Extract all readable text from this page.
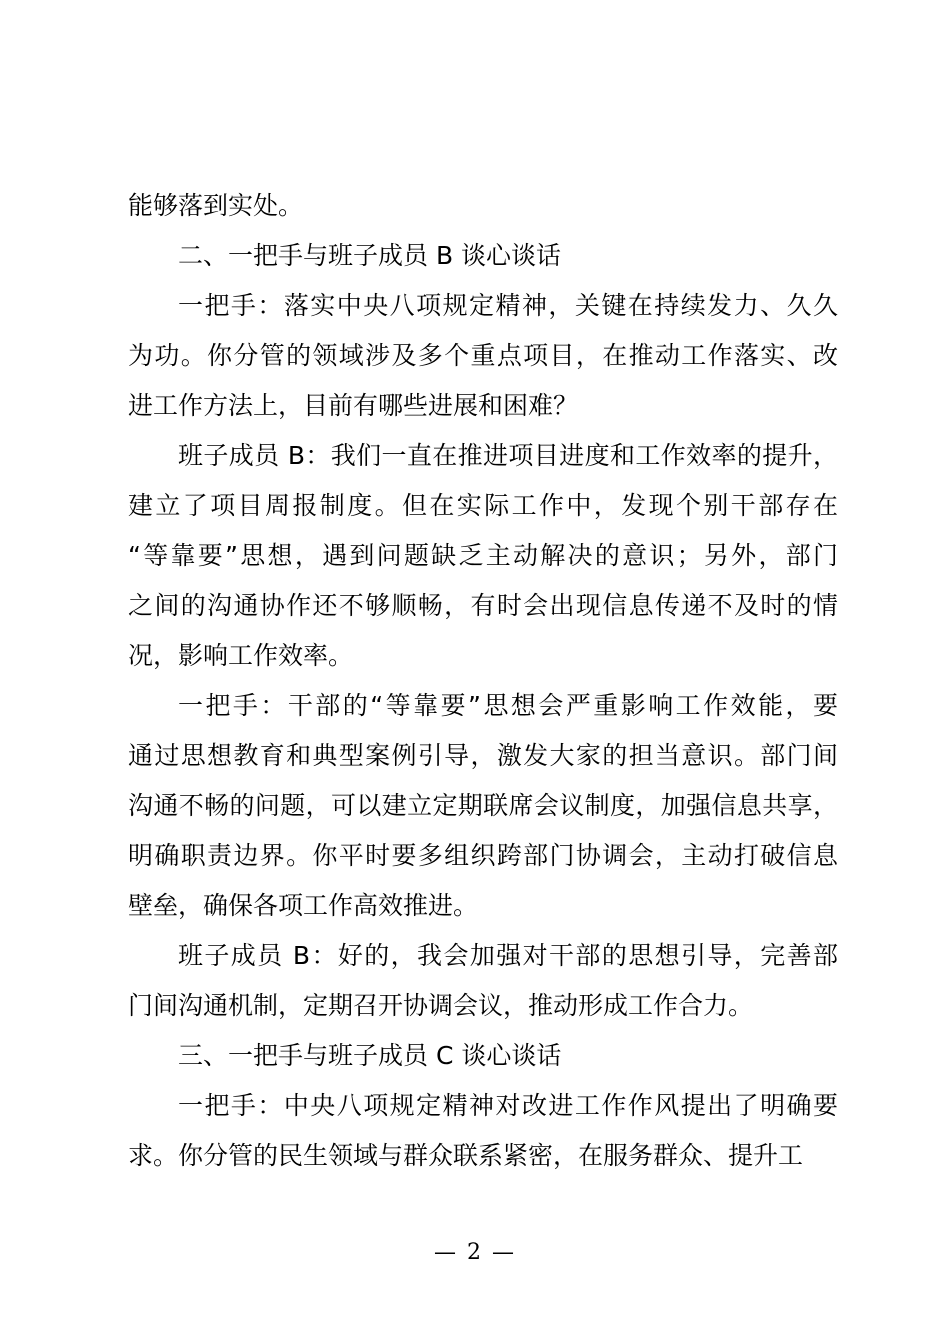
能够落到实处。
二、一把手与班子成员 B 谈心谈话
一把手：落实中央八项规定精神，关键在持续发力、久久
为功。你分管的领域涉及多个重点项目，在推动工作落实、改
进工作方法上，目前有哪些进展和困难？
班子成员 B：我们一直在推进项目进度和工作效率的提升，
建立了项目周报制度。但在实际工作中，发现个别干部存在
“等靠要”思想，遇到问题缺乏主动解决的意识；另外，部门
之间的沟通协作还不够顺畅，有时会出现信息传递不及时的情
况，影响工作效率。
一把手：干部的“等靠要”思想会严重影响工作效能，要
通过思想教育和典型案例引导，激发大家的担当意识。部门间
沟通不畅的问题，可以建立定期联席会议制度，加强信息共享，
明确职责边界。你平时要多组织跨部门协调会，主动打破信息
壁垒，确保各项工作高效推进。
班子成员 B：好的，我会加强对干部的思想引导，完善部
门间沟通机制，定期召开协调会议，推动形成工作合力。
三、一把手与班子成员 C 谈心谈话
一把手：中央八项规定精神对改进工作作风提出了明确要
求。你分管的民生领域与群众联系紧密，在服务群众、提升工
— 2 —
